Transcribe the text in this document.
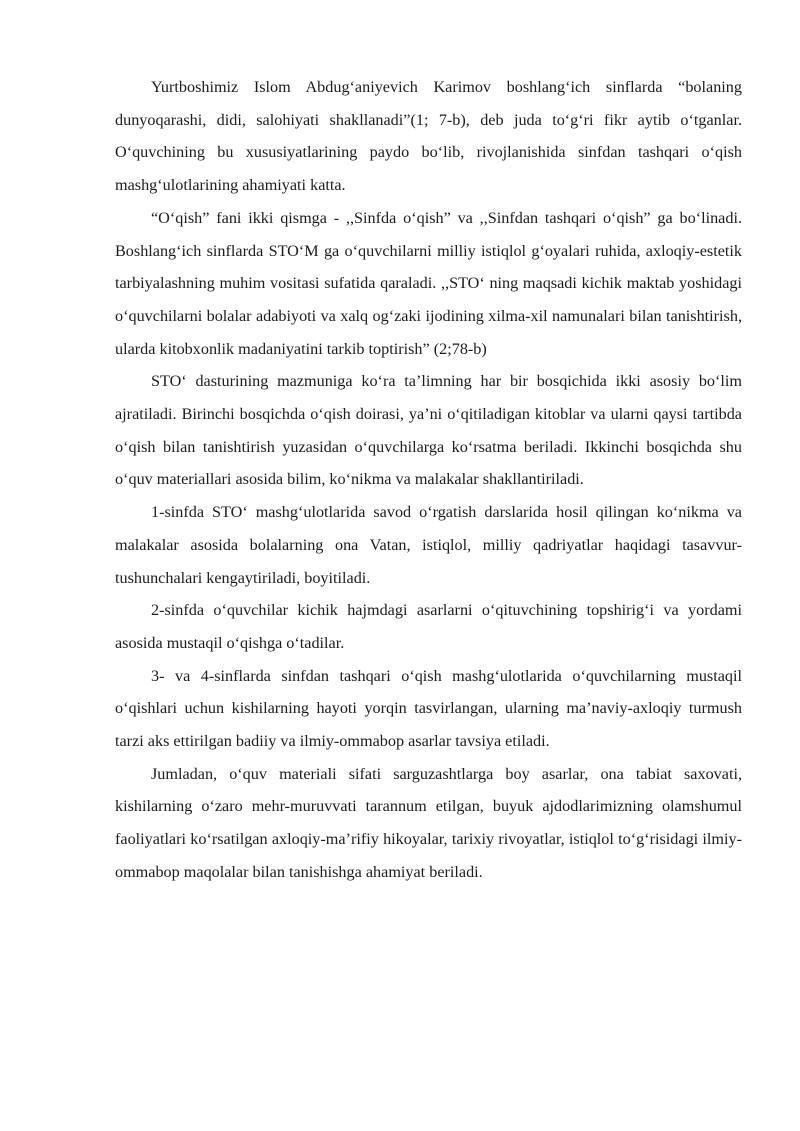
Yurtboshimiz Islom Abdug‘aniyevich Karimov boshlang‘ich sinflarda “bolaning dunyoqarashi, didi, salohiyati shakllanadi”(1; 7-b), deb juda to‘g‘ri fikr aytib o‘tganlar. O‘quvchining bu xususiyatlarining paydo bo‘lib, rivojlanishida sinfdan tashqari o‘qish mashg‘ulotlarining ahamiyati katta.

“O‘qish” fani ikki qismga - ,,Sinfda o‘qish” va ,,Sinfdan tashqari o‘qish” ga bo‘linadi. Boshlang‘ich sinflarda STO‘M ga o‘quvchilarni milliy istiqlol g‘oyalari ruhida, axloqiy-estetik tarbiyalashning muhim vositasi sufatida qaraladi. ,,STO‘ ning maqsadi kichik maktab yoshidagi o‘quvchilarni bolalar adabiyoti va xalq og‘zaki ijodining xilma-xil namunalari bilan tanishtirish, ularda kitobxonlik madaniyatini tarkib toptirish” (2;78-b)

STO‘ dasturining mazmuniga ko‘ra ta’limning har bir bosqichida ikki asosiy bo‘lim ajratiladi. Birinchi bosqichda o‘qish doirasi, ya’ni o‘qitiladigan kitoblar va ularni qaysi tartibda o‘qish bilan tanishtirish yuzasidan o‘quvchilarga ko‘rsatma beriladi. Ikkinchi bosqichda shu o‘quv materiallari asosida bilim, ko‘nikma va malakalar shakllantiriladi.

1-sinfda STO‘ mashg‘ulotlarida savod o‘rgatish darslarida hosil qilingan ko‘nikma va malakalar asosida bolalarning ona Vatan, istiqlol, milliy qadriyatlar haqidagi tasavvur-tushunchalari kengaytiriladi, boyitiladi.

2-sinfda o‘quvchilar kichik hajmdagi asarlarni o‘qituvchining topshirig‘i va yordami asosida mustaqil o‘qishga o‘tadilar.

3- va 4-sinflarda sinfdan tashqari o‘qish mashg‘ulotlarida o‘quvchilarning mustaqil o‘qishlari uchun kishilarning hayoti yorqin tasvirlangan, ularning ma’naviy-axloqiy turmush tarzi aks ettirilgan badiiy va ilmiy-ommabop asarlar tavsiya etiladi.

Jumladan, o‘quv materiali sifati sarguzashtlarga boy asarlar, ona tabiat saxovati, kishilarning o‘zaro mehr-muruvvati tarannum etilgan, buyuk ajdodlarimizning olamshumul faoliyatlari ko‘rsatilgan axloqiy-ma’rifiy hikoyalar, tarixiy rivoyatlar, istiqlol to‘g‘risidagi ilmiy-ommabop maqolalar bilan tanishishga ahamiyat beriladi.
